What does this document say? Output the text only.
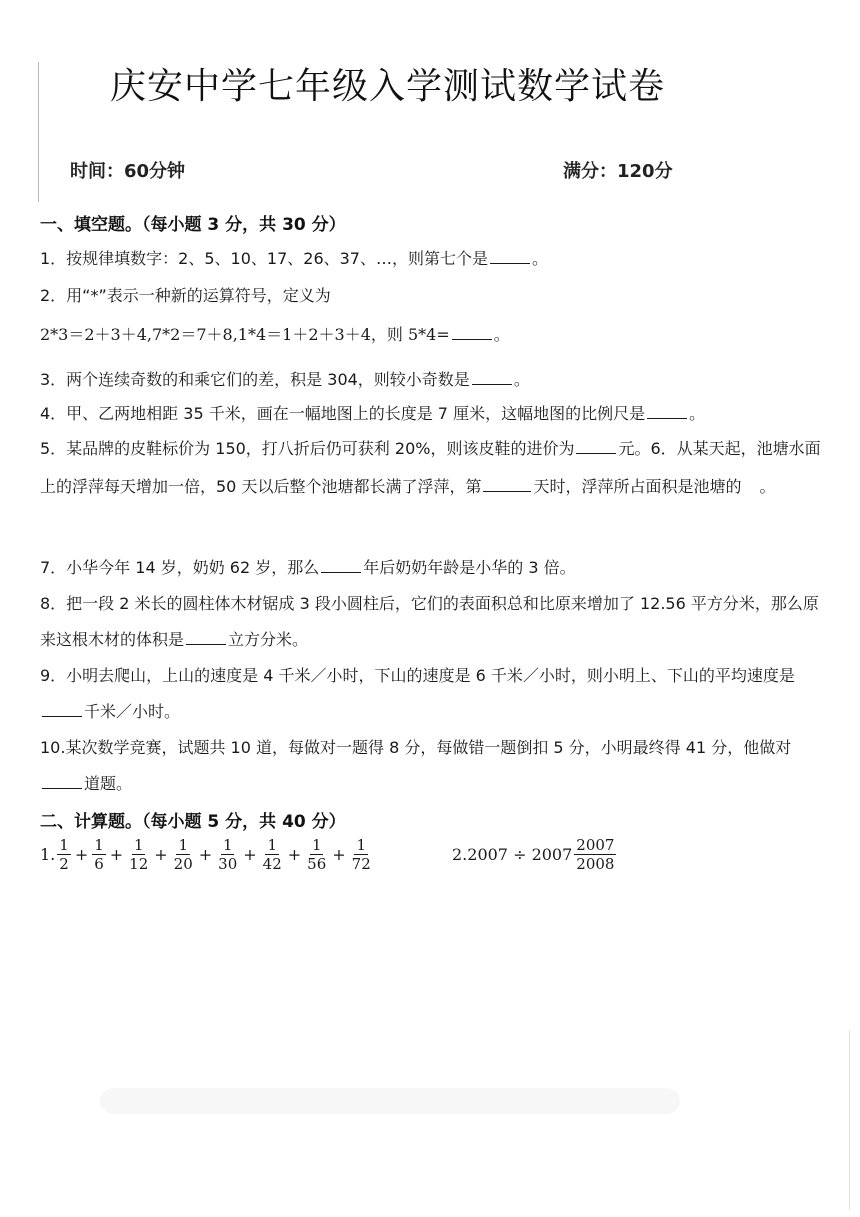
庆安中学七年级入学测试数学试卷
时间：60分钟	满分：120分
一、填空题。（每小题 3 分，共 30 分）
1．按规律填数字：2、5、10、17、26、37、…，则第七个是	。
2．用“*”表示一种新的运算符号，定义为
2*3＝2＋3＋4,7*2＝7＋8,1*4＝1＋2＋3＋4，则 5*4=	。
3．两个连续奇数的和乘它们的差，积是 304，则较小奇数是	。
4．甲、乙两地相距 35 千米，画在一幅地图上的长度是 7 厘米，这幅地图的比例尺是	。
5．某品牌的皮鞋标价为 150，打八折后仍可获利 20%，则该皮鞋的进价为	元。6．从某天起，池塘水面上的浮萍每天增加一倍，50 天以后整个池塘都长满了浮萍，第	天时，浮萍所占面积是池塘的 。
7．小华今年 14 岁，奶奶 62 岁，那么	年后奶奶年龄是小华的 3 倍。
8．把一段 2 米长的圆柱体木材锯成 3 段小圆柱后，它们的表面积总和比原来增加了 12.56 平方分米，那么原来这根木材的体积是	立方分米。
9．小明去爬山，上山的速度是 4 千米／小时，下山的速度是 6 千米／小时，则小明上、下山的平均速度是千米／小时。
10.某次数学竞赛，试题共 10 道，每做对一题得 8 分，每做错一题倒扣 5 分，小明最终得 41 分，他做对道题。
二、计算题。（每小题 5 分，共 40 分）
1. $\frac{1}{2} + \frac{1}{6} + \frac{1}{12} + \frac{1}{20} + \frac{1}{30} + \frac{1}{42} + \frac{1}{56} + \frac{1}{72}$	$2.2007 \div 2007 \frac{2007}{2008}$
